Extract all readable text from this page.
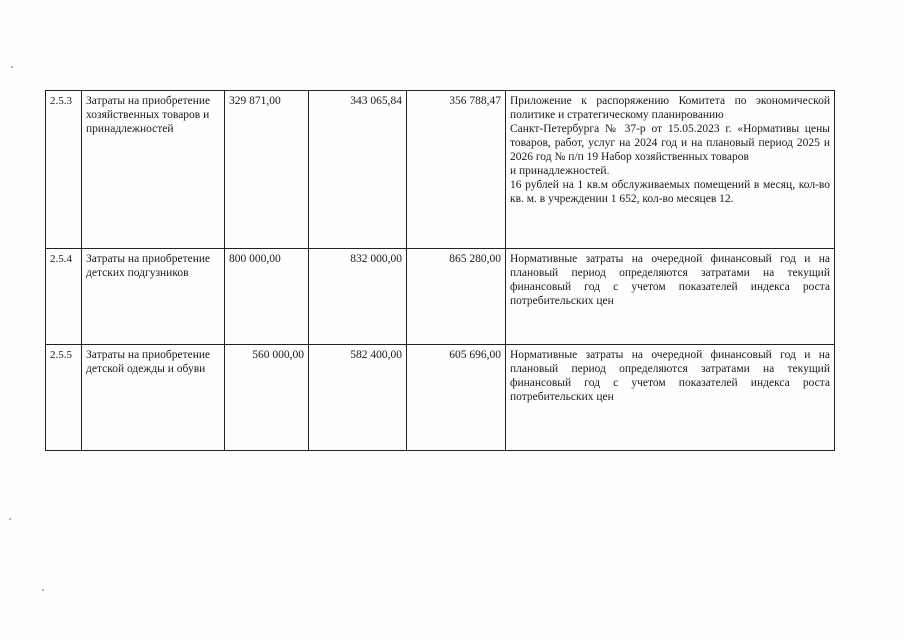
2.5.3	Затраты на приобретение хозяйственных товаров и принадлежностей	329 871,00	343 065,84	356 788,47	Приложение к распоряжению Комитета по экономической политике и стратегическому планированию
Санкт-Петербурга № 37-р от 15.05.2023 г. «Нормативы цены товаров, работ, услуг на 2024 год и на плановый период 2025 и 2026 год № п/п 19 Набор хозяйственных товаров
и принадлежностей.
16 рублей на 1 кв.м обслуживаемых помещений в месяц, кол-во кв. м. в учреждении 1 652, кол-во месяцев 12.

2.5.4	Затраты на приобретение детских подгузников	800 000,00	832 000,00	865 280,00	Нормативные затраты на очередной финансовый год и на плановый период определяются затратами на текущий финансовый год с учетом показателей индекса роста потребительских цен

2.5.5	Затраты на приобретение детской одежды и обуви	560 000,00	582 400,00	605 696,00	Нормативные затраты на очередной финансовый год и на плановый период определяются затратами на текущий финансовый год с учетом показателей индекса роста потребительских цен
